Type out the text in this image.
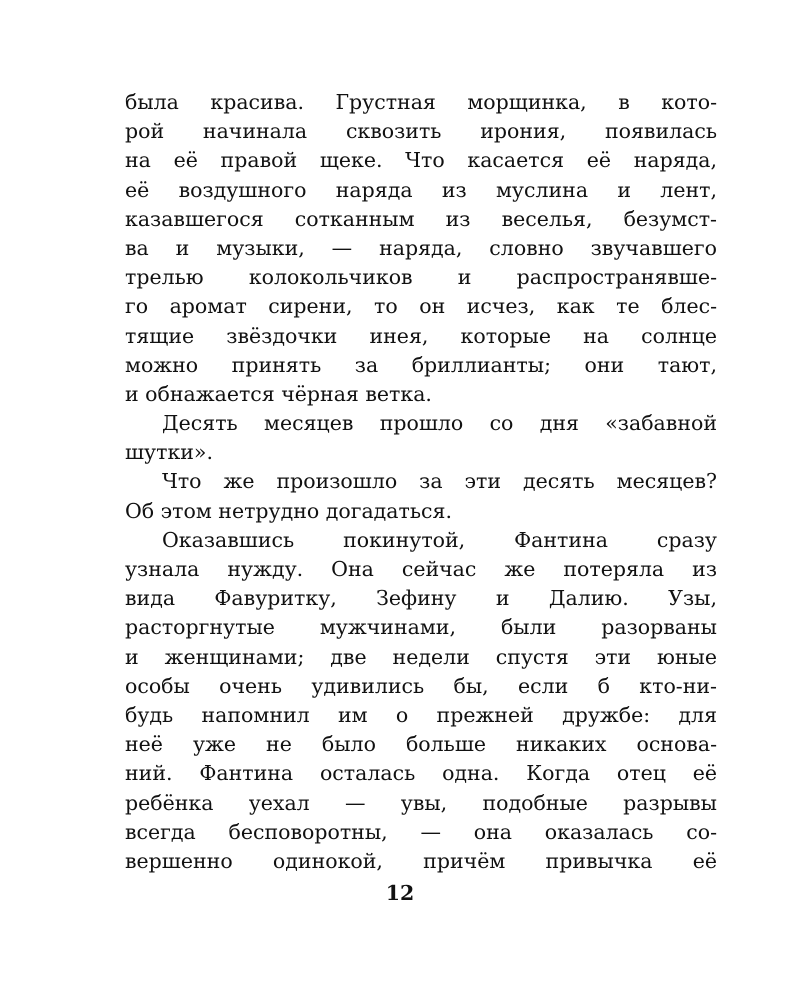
была красива. Грустная морщинка, в кото-
рой начинала сквозить ирония, появилась
на её правой щеке. Что касается её наряда,
её воздушного наряда из муслина и лент,
казавшегося сотканным из веселья, безумст-
ва и музыки, — наряда, словно звучавшего
трелью колокольчиков и распространявше-
го аромат сирени, то он исчез, как те блес-
тящие звёздочки инея, которые на солнце
можно принять за бриллианты; они тают,
и обнажается чёрная ветка.
Десять месяцев прошло со дня «забавной
шутки».
Что же произошло за эти десять месяцев?
Об этом нетрудно догадаться.
Оказавшись покинутой, Фантина сразу
узнала нужду. Она сейчас же потеряла из
вида Фавуритку, Зефину и Далию. Узы,
расторгнутые мужчинами, были разорваны
и женщинами; две недели спустя эти юные
особы очень удивились бы, если б кто-ни-
будь напомнил им о прежней дружбе: для
неё уже не было больше никаких основа-
ний. Фантина осталась одна. Когда отец её
ребёнка уехал — увы, подобные разрывы
всегда бесповоротны, — она оказалась со-
вершенно одинокой, причём привычка её
12
